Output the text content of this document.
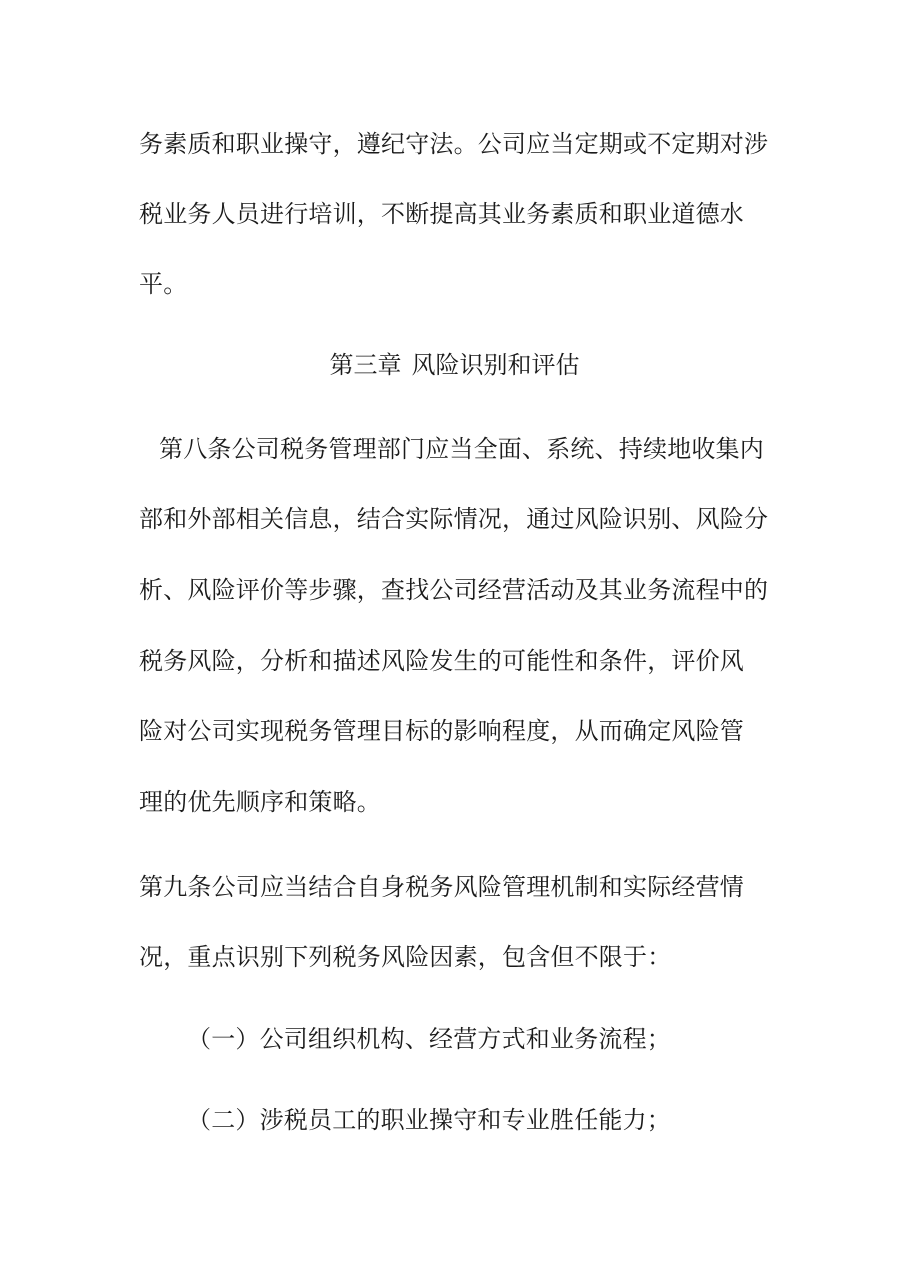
务素质和职业操守，遵纪守法。公司应当定期或不定期对涉
税业务人员进行培训，不断提高其业务素质和职业道德水
平。
第三章 风险识别和评估
第八条公司税务管理部门应当全面、系统、持续地收集内
部和外部相关信息，结合实际情况，通过风险识别、风险分
析、风险评价等步骤，查找公司经营活动及其业务流程中的
税务风险，分析和描述风险发生的可能性和条件，评价风
险对公司实现税务管理目标的影响程度，从而确定风险管
理的优先顺序和策略。
第九条公司应当结合自身税务风险管理机制和实际经营情
况，重点识别下列税务风险因素，包含但不限于：
（一）公司组织机构、经营方式和业务流程；
（二）涉税员工的职业操守和专业胜任能力；
